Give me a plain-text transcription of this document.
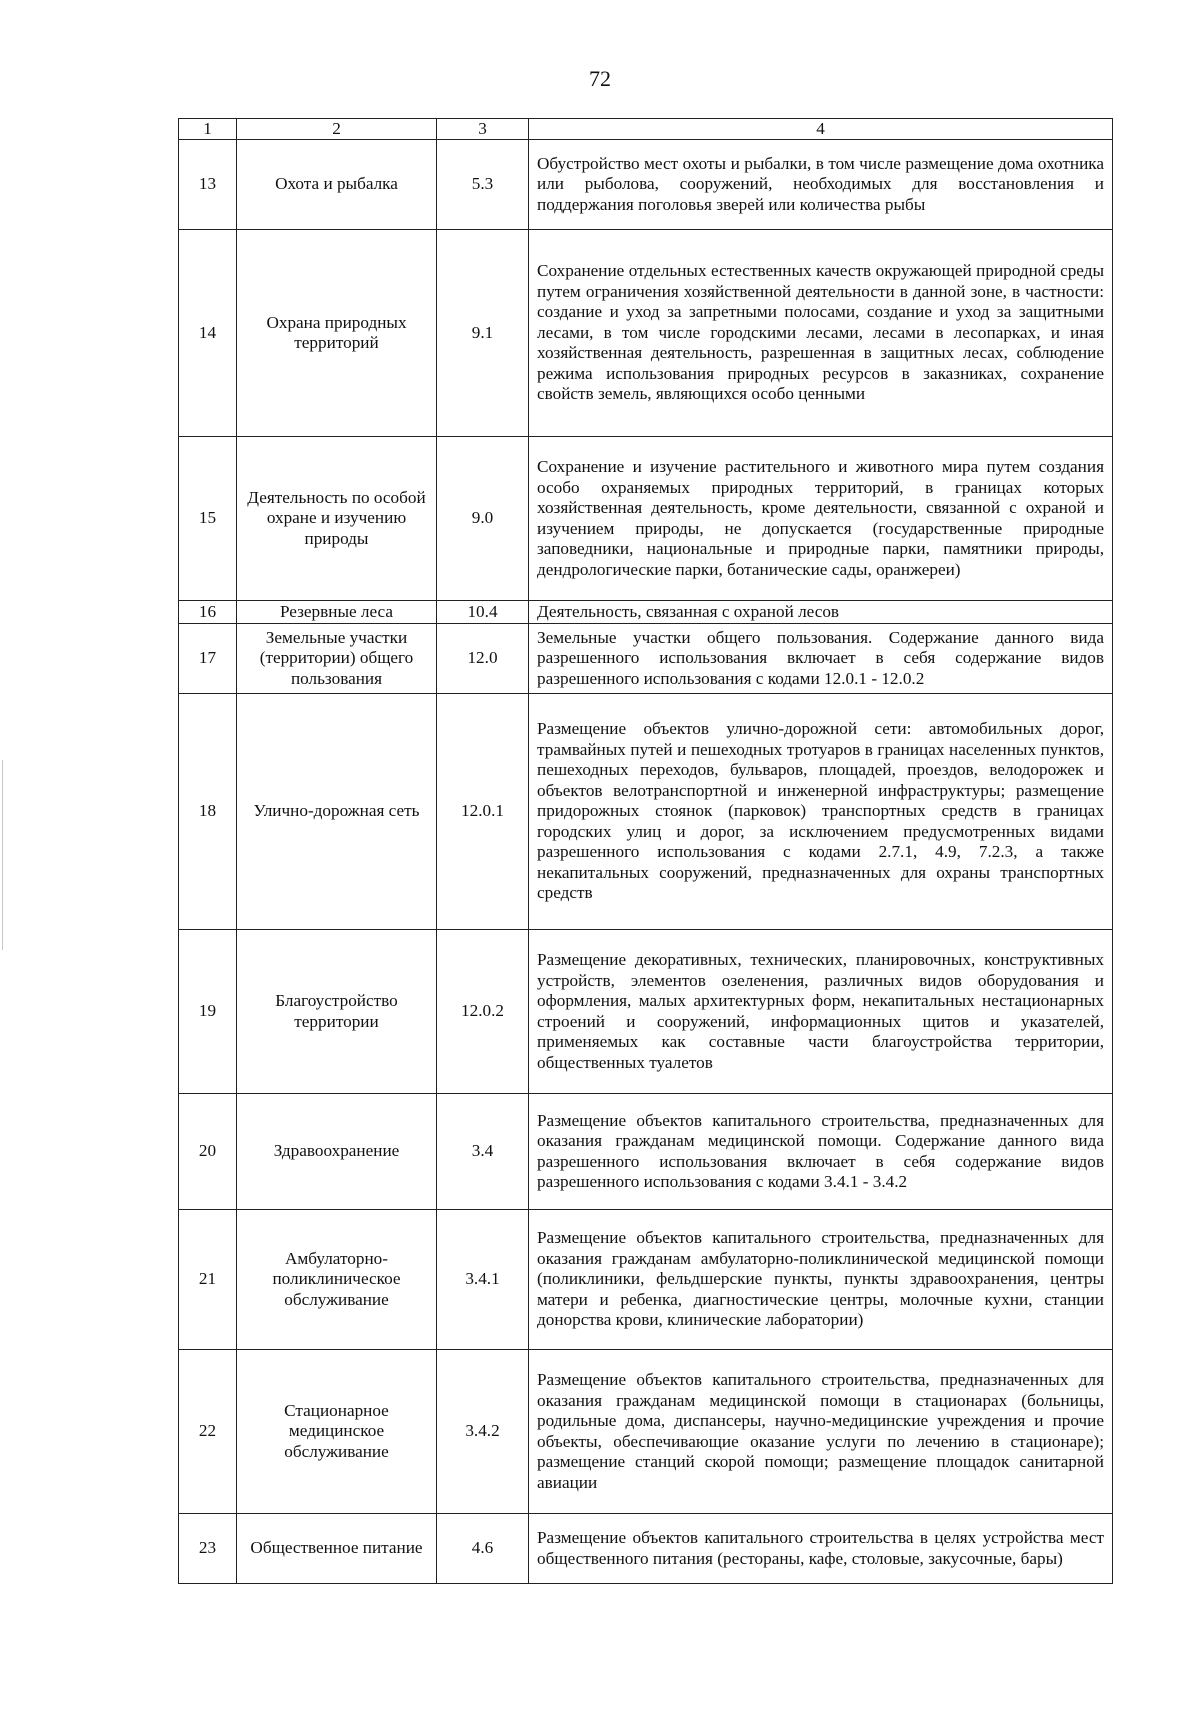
72
1	2	3	4
13	Охота и рыбалка	5.3	Обустройство мест охоты и рыбалки, в том числе размещение дома охотника или рыболова, сооружений, необходимых для восстановления и поддержания поголовья зверей или количества рыбы
14	Охрана природных территорий	9.1	Сохранение отдельных естественных качеств окружающей природной среды путем ограничения хозяйственной деятельности в данной зоне, в частности: создание и уход за запретными полосами, создание и уход за защитными лесами, в том числе городскими лесами, лесами в лесопарках, и иная хозяйственная деятельность, разрешенная в защитных лесах, соблюдение режима использования природных ресурсов в заказниках, сохранение свойств земель, являющихся особо ценными
15	Деятельность по особой охране и изучению природы	9.0	Сохранение и изучение растительного и животного мира путем создания особо охраняемых природных территорий, в границах которых хозяйственная деятельность, кроме деятельности, связанной с охраной и изучением природы, не допускается (государственные природные заповедники, национальные и природные парки, памятники природы, дендрологические парки, ботанические сады, оранжереи)
16	Резервные леса	10.4	Деятельность, связанная с охраной лесов
17	Земельные участки (территории) общего пользования	12.0	Земельные участки общего пользования. Содержание данного вида разрешенного использования включает в себя содержание видов разрешенного использования с кодами 12.0.1 - 12.0.2
18	Улично-дорожная сеть	12.0.1	Размещение объектов улично-дорожной сети: автомобильных дорог, трамвайных путей и пешеходных тротуаров в границах населенных пунктов, пешеходных переходов, бульваров, площадей, проездов, велодорожек и объектов велотранспортной и инженерной инфраструктуры; размещение придорожных стоянок (парковок) транспортных средств в границах городских улиц и дорог, за исключением предусмотренных видами разрешенного использования с кодами 2.7.1, 4.9, 7.2.3, а также некапитальных сооружений, предназначенных для охраны транспортных средств
19	Благоустройство территории	12.0.2	Размещение декоративных, технических, планировочных, конструктивных устройств, элементов озеленения, различных видов оборудования и оформления, малых архитектурных форм, некапитальных нестационарных строений и сооружений, информационных щитов и указателей, применяемых как составные части благоустройства территории, общественных туалетов
20	Здравоохранение	3.4	Размещение объектов капитального строительства, предназначенных для оказания гражданам медицинской помощи. Содержание данного вида разрешенного использования включает в себя содержание видов разрешенного использования с кодами 3.4.1 - 3.4.2
21	Амбулаторно-поликлиническое обслуживание	3.4.1	Размещение объектов капитального строительства, предназначенных для оказания гражданам амбулаторно-поликлинической медицинской помощи (поликлиники, фельдшерские пункты, пункты здравоохранения, центры матери и ребенка, диагностические центры, молочные кухни, станции донорства крови, клинические лаборатории)
22	Стационарное медицинское обслуживание	3.4.2	Размещение объектов капитального строительства, предназначенных для оказания гражданам медицинской помощи в стационарах (больницы, родильные дома, диспансеры, научно-медицинские учреждения и прочие объекты, обеспечивающие оказание услуги по лечению в стационаре); размещение станций скорой помощи; размещение площадок санитарной авиации
23	Общественное питание	4.6	Размещение объектов капитального строительства в целях устройства мест общественного питания (рестораны, кафе, столовые, закусочные, бары)
